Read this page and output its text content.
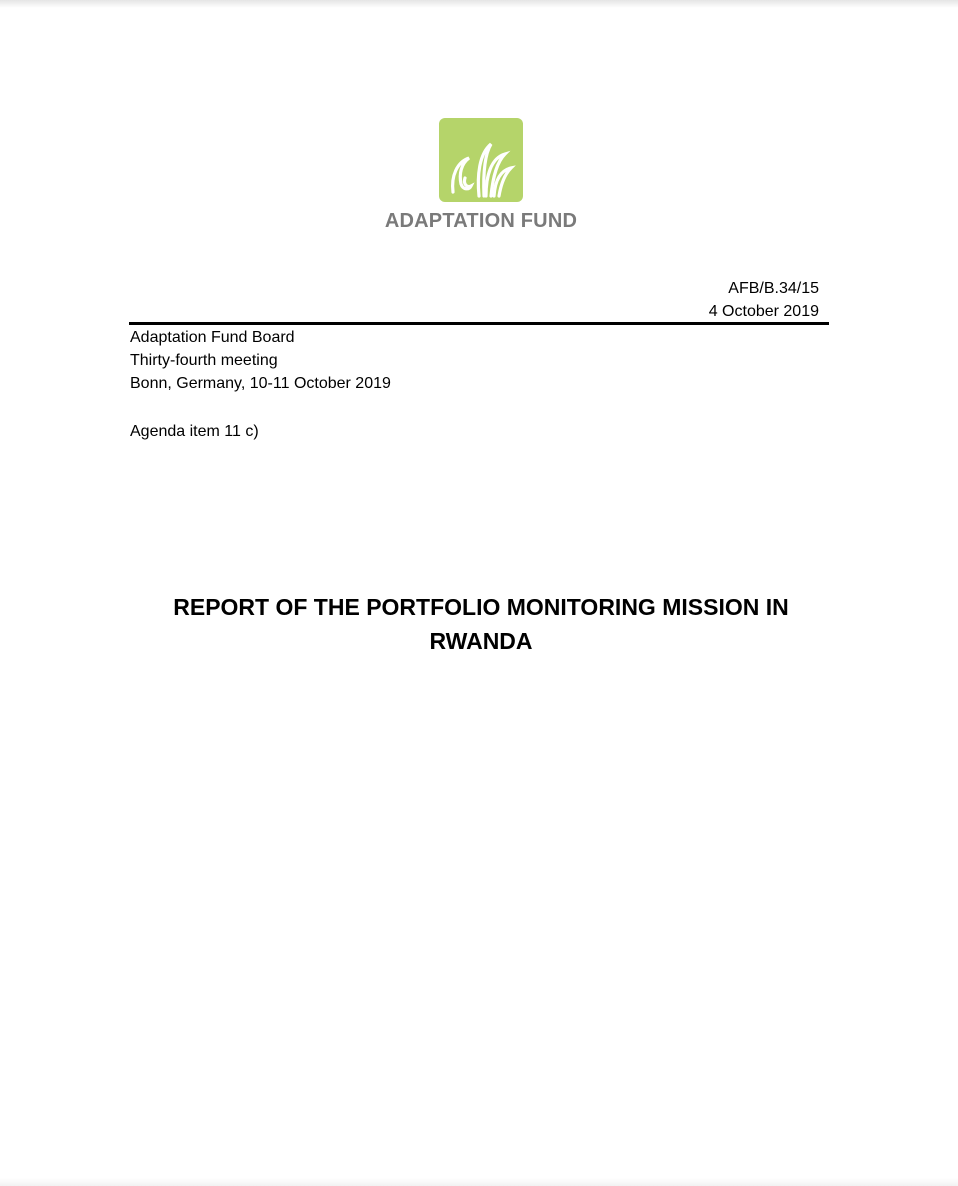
ADAPTATION FUND
AFB/B.34/15
4 October 2019
Adaptation Fund Board
Thirty-fourth meeting
Bonn, Germany, 10-11 October 2019
Agenda item 11 c)
REPORT OF THE PORTFOLIO MONITORING MISSION IN
RWANDA
